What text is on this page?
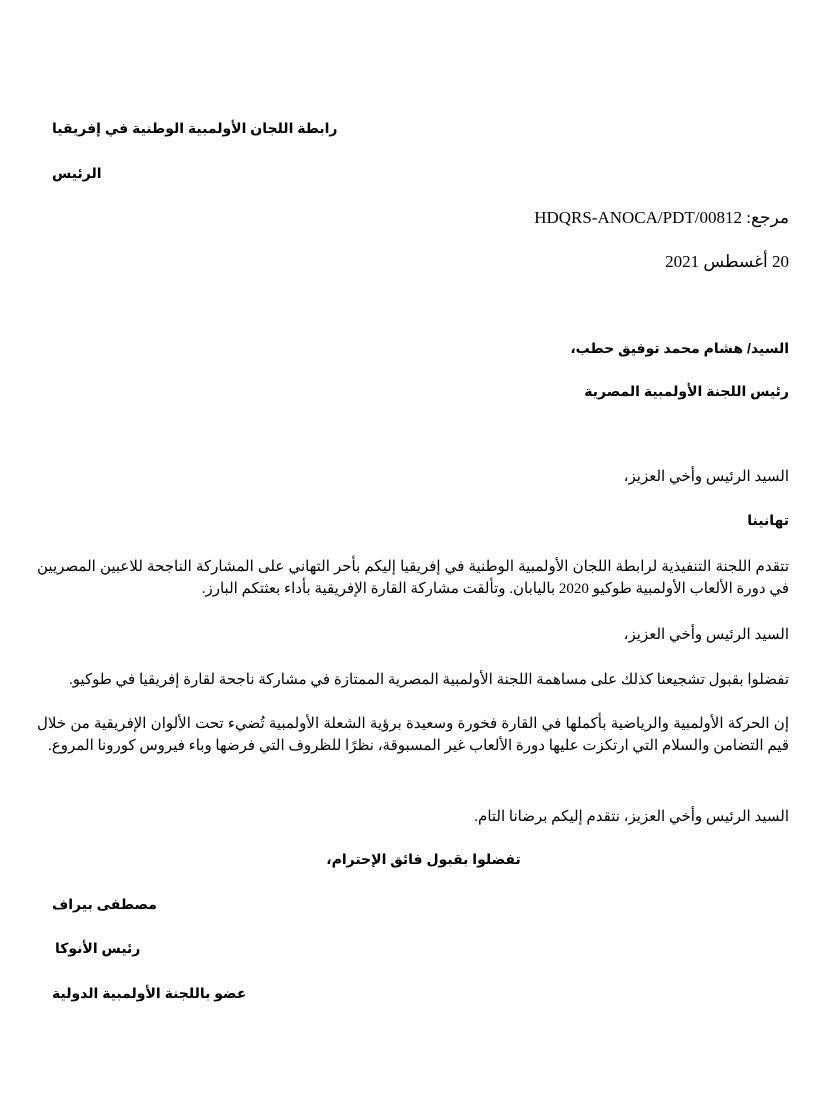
رابطة اللجان الأولمبية الوطنية في إفريقيا
الرئيس
مرجع: HDQRS-ANOCA/PDT/00812
20 أغسطس 2021
السيد/ هشام محمد توفيق حطب،
رئيس اللجنة الأولمبية المصرية
السيد الرئيس وأخي العزيز،
تهانينا
تتقدم اللجنة التنفيذية لرابطة اللجان الأولمبية الوطنية في إفريقيا إليكم بأحر التهاني على المشاركة الناجحة للاعبين المصريين في دورة الألعاب الأولمبية طوكيو 2020 باليابان. وتألقت مشاركة القارة الإفريقية بأداء بعثتكم البارز.
السيد الرئيس وأخي العزيز،
تفضلوا بقبول تشجيعنا كذلك على مساهمة اللجنة الأولمبية المصرية الممتازة في مشاركة ناجحة لقارة إفريقيا في طوكيو.
إن الحركة الأولمبية والرياضية بأكملها في القارة فخورة وسعيدة برؤية الشعلة الأولمبية تُضيء تحت الألوان الإفريقية من خلال قيم التضامن والسلام التي ارتكزت عليها دورة الألعاب غير المسبوقة، نظرًا للظروف التي فرضها وباء فيروس كورونا المروع.
السيد الرئيس وأخي العزيز، نتقدم إليكم برضانا التام.
تفضلوا بقبول فائق الإحترام،
مصطفى بيراف
رئيس الأنوكا
عضو باللجنة الأولمبية الدولية
